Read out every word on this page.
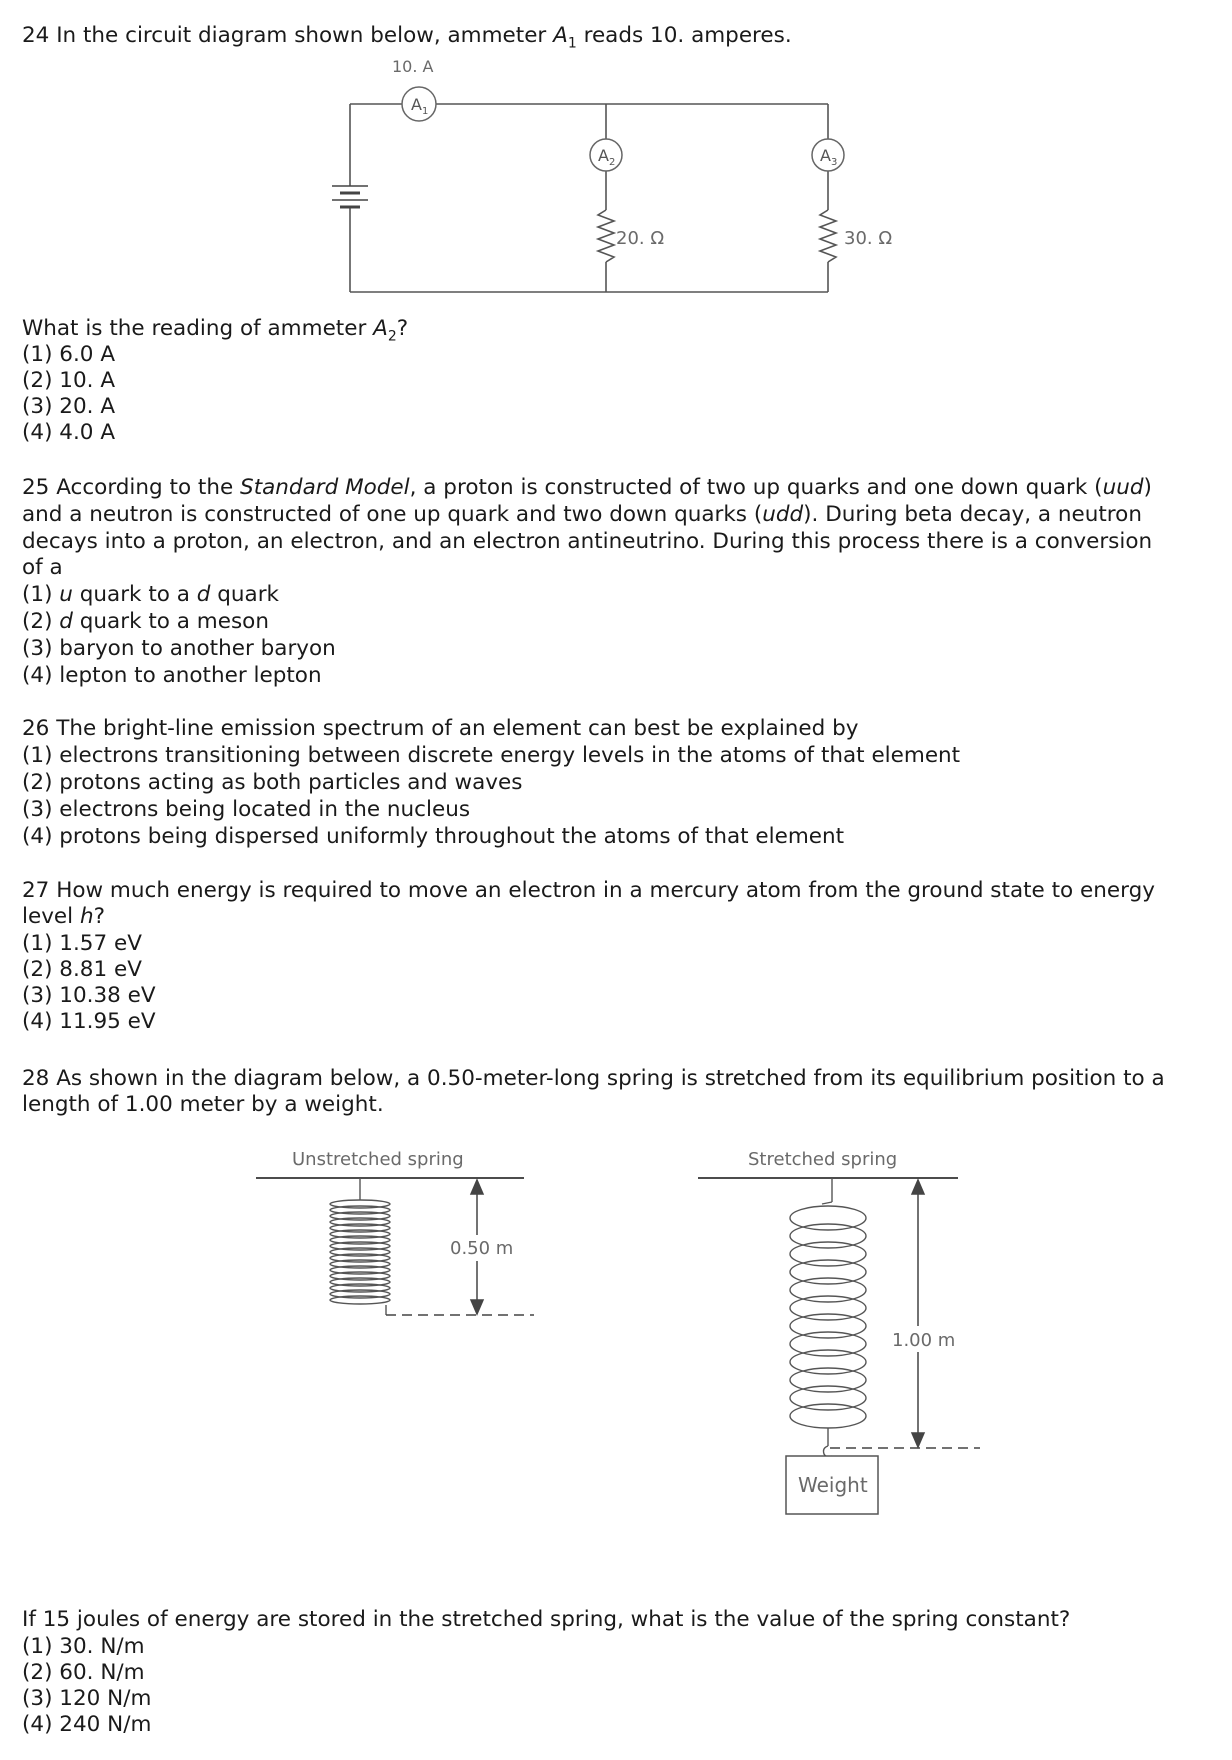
24 In the circuit diagram shown below, ammeter $A_1$ reads 10. amperes.
$A_1$
$A_2$	$A_3$
10. A
20. Ω	30. Ω
What is the reading of ammeter $A_2$?
(1) 6.0 A
(2) 10. A
(3) 20. A
(4) 4.0 A
25 According to the Standard Model, a proton is constructed of two up quarks and one down quark (uud)
and a neutron is constructed of one up quark and two down quarks (udd). During beta decay, a neutron
decays into a proton, an electron, and an electron antineutrino. During this process there is a conversion
of a
(1) u quark to a d quark
(2) d quark to a meson
(3) baryon to another baryon
(4) lepton to another lepton
26 The bright-line emission spectrum of an element can best be explained by
(1) electrons transitioning between discrete energy levels in the atoms of that element
(2) protons acting as both particles and waves
(3) electrons being located in the nucleus
(4) protons being dispersed uniformly throughout the atoms of that element
27 How much energy is required to move an electron in a mercury atom from the ground state to energy
level h?
(1) 1.57 eV
(2) 8.81 eV
(3) 10.38 eV
(4) 11.95 eV
28 As shown in the diagram below, a 0.50-meter-long spring is stretched from its equilibrium position to a
length of 1.00 meter by a weight.
Unstretched spring
0.50 m
Stretched spring
1.00 m
Weight
If 15 joules of energy are stored in the stretched spring, what is the value of the spring constant?
(1) 30. N/m
(2) 60. N/m
(3) 120 N/m
(4) 240 N/m
